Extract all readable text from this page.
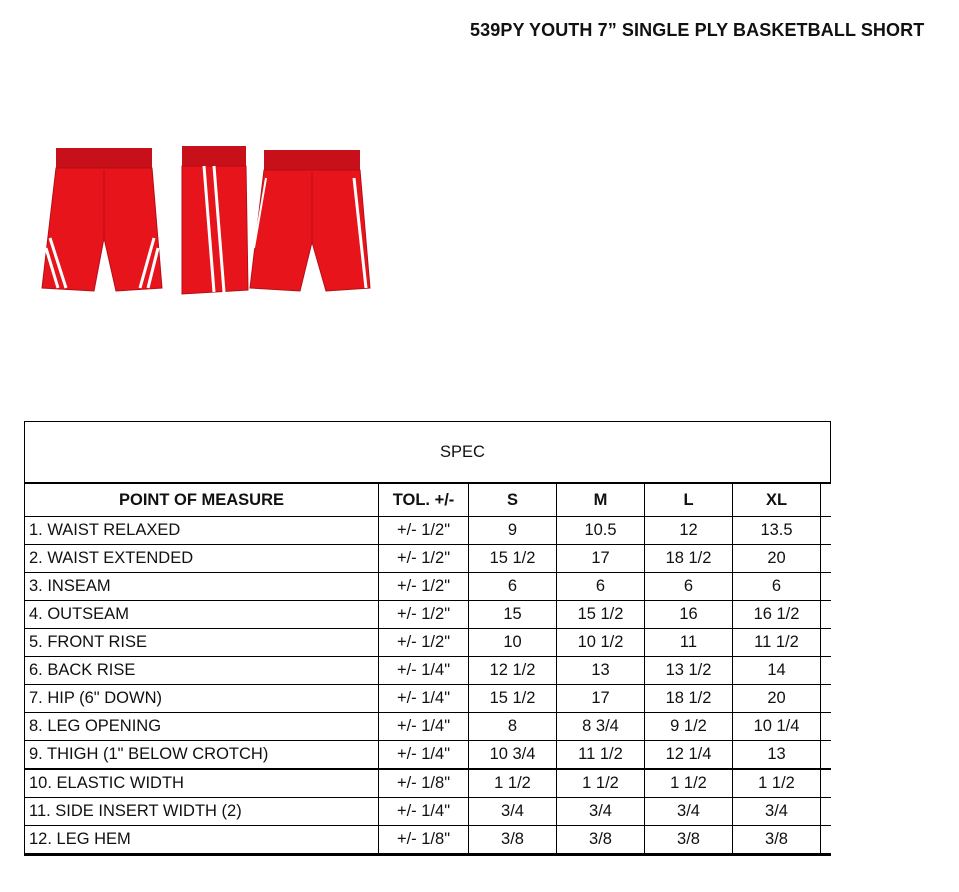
539PY YOUTH 7” SINGLE PLY BASKETBALL SHORT
SPEC						
POINT OF MEASURE	TOL. +/-	S	M	L	XL	
1. WAIST RELAXED	+/- 1/2"	9	10.5	12	13.5	
2. WAIST EXTENDED	+/- 1/2"	15 1/2	17	18 1/2	20	
3. INSEAM	+/- 1/2"	6	6	6	6	
4. OUTSEAM	+/- 1/2"	15	15 1/2	16	16 1/2	
5. FRONT RISE	+/- 1/2"	10	10 1/2	11	11 1/2	
6. BACK RISE	+/- 1/4"	12 1/2	13	13 1/2	14	
7. HIP (6" DOWN)	+/- 1/4"	15 1/2	17	18 1/2	20	
8. LEG OPENING	+/- 1/4"	8	8 3/4	9 1/2	10 1/4	
9. THIGH (1" BELOW CROTCH)	+/- 1/4"	10 3/4	11 1/2	12 1/4	13	
10. ELASTIC WIDTH	+/- 1/8"	1 1/2	1 1/2	1 1/2	1 1/2	
11. SIDE INSERT WIDTH (2)	+/- 1/4"	3/4	3/4	3/4	3/4	
12. LEG HEM	+/- 1/8"	3/8	3/8	3/8	3/8	
